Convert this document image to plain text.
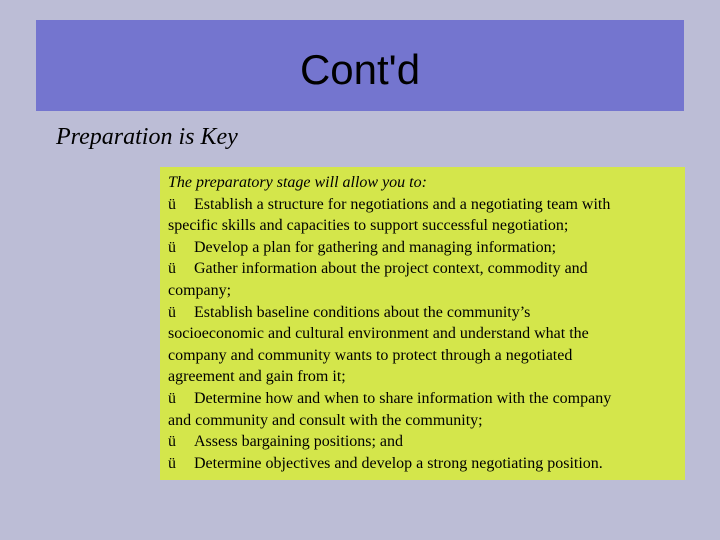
Cont'd
Preparation is Key
The preparatory stage will allow you to:
ü Establish a structure for negotiations and a negotiating team with
specific skills and capacities to support successful negotiation;
ü Develop a plan for gathering and managing information;
ü Gather information about the project context, commodity and
company;
ü Establish baseline conditions about the community’s
socioeconomic and cultural environment and understand what the
company and community wants to protect through a negotiated
agreement and gain from it;
ü Determine how and when to share information with the company
and community and consult with the community;
ü Assess bargaining positions; and
ü Determine objectives and develop a strong negotiating position.
